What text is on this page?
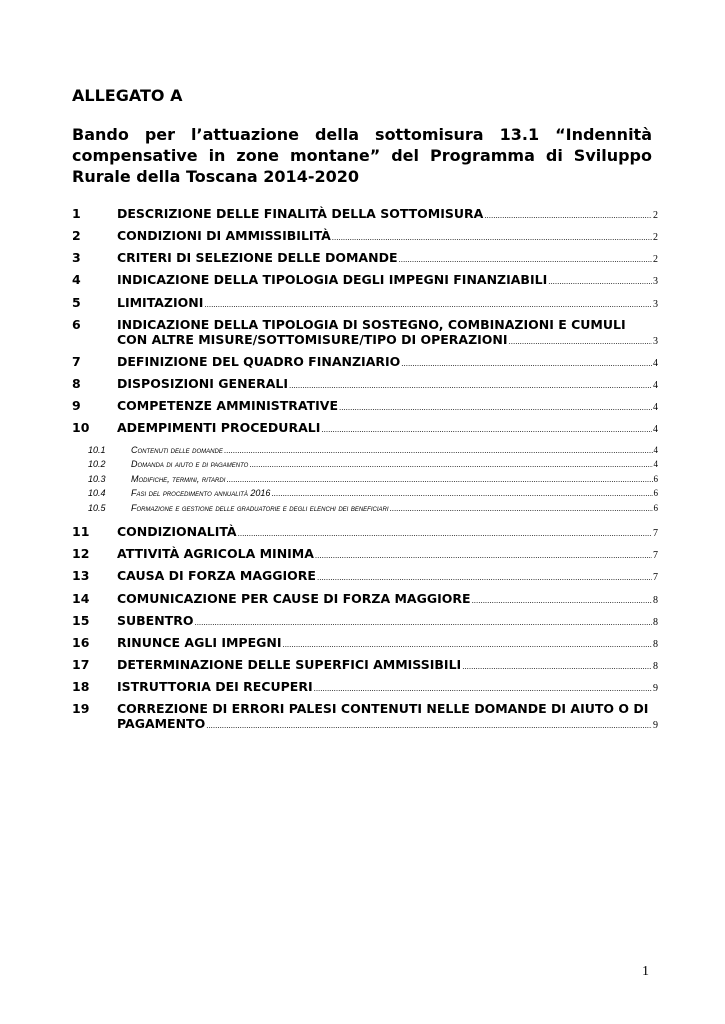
ALLEGATO A
Bando per l’attuazione della sottomisura 13.1 “Indennità compensative in zone montane” del Programma di Sviluppo Rurale della Toscana 2014-2020
1	DESCRIZIONE DELLE FINALITÀ DELLA SOTTOMISURA .....	2
2	CONDIZIONI DI AMMISSIBILITÀ .....	2
3	CRITERI DI SELEZIONE DELLE DOMANDE .....	2
4	INDICAZIONE DELLA TIPOLOGIA DEGLI IMPEGNI FINANZIABILI .....	3
5	LIMITAZIONI .....	3
6	INDICAZIONE DELLA TIPOLOGIA DI SOSTEGNO, COMBINAZIONI E CUMULI
CON ALTRE MISURE/SOTTOMISURE/TIPO DI OPERAZIONI .....	3
7	DEFINIZIONE DEL QUADRO FINANZIARIO .....	4
8	DISPOSIZIONI GENERALI .....	4
9	COMPETENZE AMMINISTRATIVE .....	4
10 ADEMPIMENTI PROCEDURALI .....	4
10.1	Contenuti delle domande .....	4
10.2	Domanda di aiuto e di pagamento .....	4
10.3	Modifiche, termini, ritardi .....	6
10.4	Fasi del procedimento annualità 2016 .....	6
10.5	Formazione e gestione delle graduatorie e degli elenchi dei beneficiari .....	6
11 CONDIZIONALITÀ .....	7
12 ATTIVITÀ AGRICOLA MINIMA .....	7
13 CAUSA DI FORZA MAGGIORE .....	7
14 COMUNICAZIONE PER CAUSE DI FORZA MAGGIORE .....	8
15 SUBENTRO .....	8
16 RINUNCE AGLI IMPEGNI .....	8
17 DETERMINAZIONE DELLE SUPERFICI AMMISSIBILI .....	8
18 ISTRUTTORIA DEI RECUPERI .....	9
19 CORREZIONE DI ERRORI PALESI CONTENUTI NELLE DOMANDE DI AIUTO O DI
PAGAMENTO .....	9
1
